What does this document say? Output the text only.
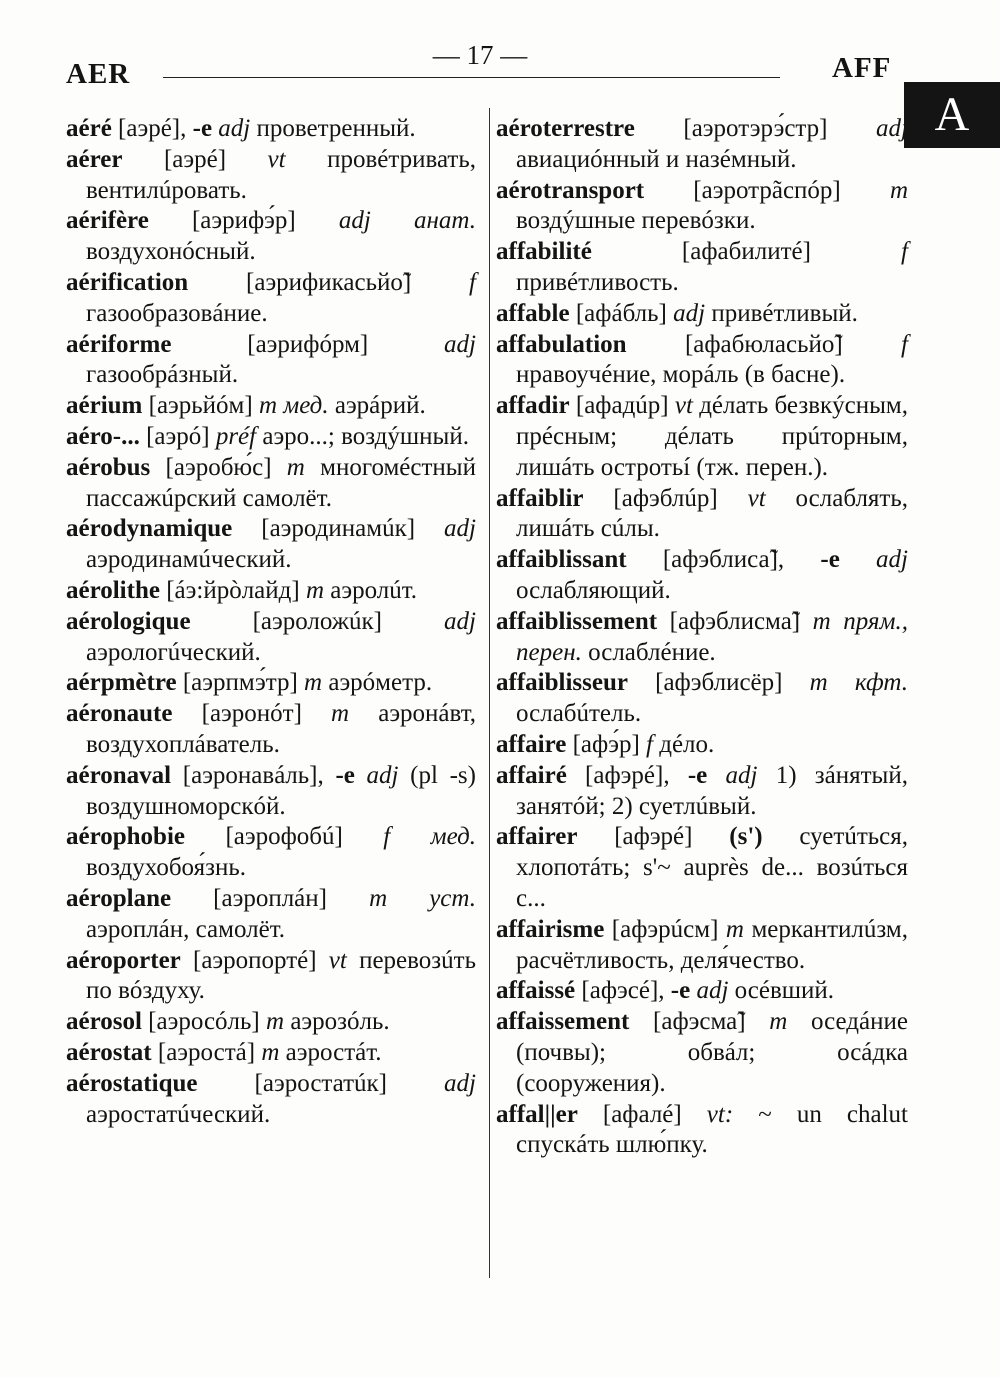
AER
— 17 —	AFF
A

aéré [аэрé], -e adj проветренный.

aérer [аэрé] vt провéтривать, вентилúровать.

aérifère [аэрифэ́р] adj анат. воздухонóсный.

aérification [аэрификасьйо̃] f газообразовáние.

aériforme [аэрифóрм] adj газообрáзный.

aérium [аэрьйóм] m мед. аэрáрий.

aéro-... [аэрó] préf аэро...; воздýшный.

aérobus [аэробю́с] m многомéстный пассажúрский самолёт.

aérodynamique [аэродинамúк] adj аэродинамúческий.

aérolithe [áэ:йрòлайд] m аэролúт.

aérologique [аэроложúк] adj аэрологúческий.

aérpmètre [аэрпмэ́тр] m аэрóметр.

aéronaute [аэронóт] m аэронáвт, воздухоплáватель.

aéronaval [аэронавáль], -e adj (pl -s) воздушноморскóй.

aérophobie [аэрофобú] f мед. воздухобоя́знь.

aéroplane [аэроплáн] m уст. аэроплáн, самолёт.

aéroporter [аэропортé] vt перевозúть по вóздуху.

aérosol [аэросóль] m аэрозóль.

aérostat [аэростá] m аэростáт.

aérostatique [аэростатúк] adj аэростатúческий.

aéroterrestre [аэротэрэ́стр] adj авиациóнный и назéмный.

aérotransport [аэротрãспóр] m воздýшные перевóзки.

affabilité [афабилитé] f привéтливость.

affable [афáбль] adj привéтливый.

affabulation [афабюласьйо̃] f нравоучéние, морáль (в басне).

affadir [афадúр] vt дéлать безвкýсным, прéсным; дéлать прúторным, лишáть остротьí (тж. перен.).

affaiblir [афэблúр] vt ослаблять, лишáть сúлы.

affaiblissant [афэблиса̃], -e adj ослабляющий.

affaiblissement [афэблисма̃] m прям., перен. ослаблéние.

affaiblisseur [афэблисёр] m кфт. ослабúтель.

affaire [афэ́р] f дéло.

affairé [афэрé], -e adj 1) зáнятый, занятóй; 2) суетлúвый.

affairer [афэрé] (s') суетúться, хлопотáть; s'~ auprès de... возúться с...

affairisme [афэрúсм] m меркантилúзм, расчётливость, деля́чество.

affaissé [афэсé], -e adj осéвший.

affaissement [афэсма̃] m оседáние (почвы); обвáл; осáдка (сооружения).

affal||er [афалé] vt: ~ un chalut спускáть шлю́пку.
